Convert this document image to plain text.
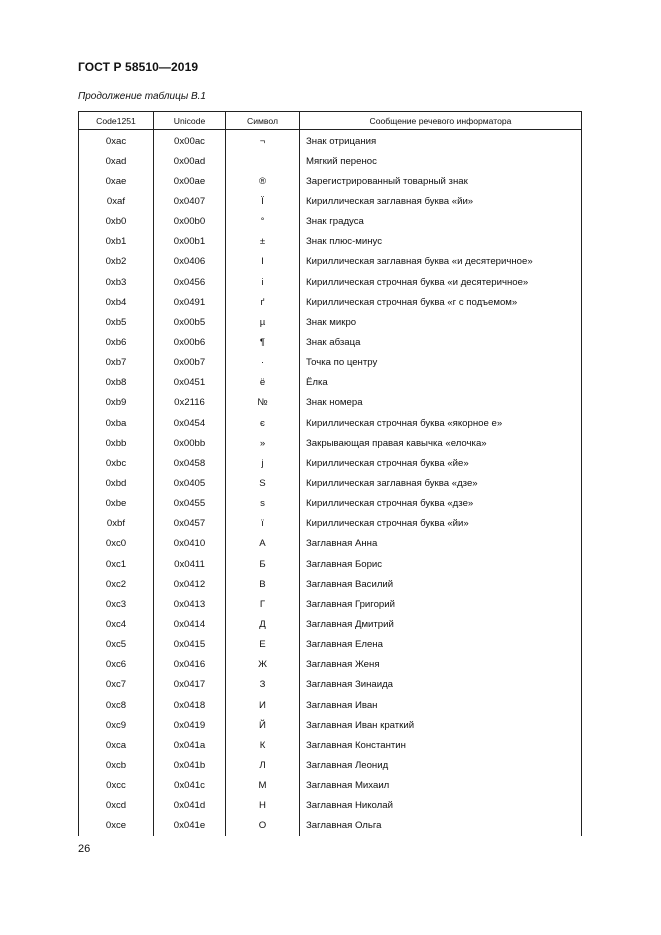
ГОСТ Р 58510—2019
Продолжение таблицы В.1
Code1251	Unicode	Символ	Сообщение речевого информатора
0xac	0x00ac	¬	Знак отрицания
0xad	0x00ad		Мягкий перенос
0xae	0x00ae	®	Зарегистрированный товарный знак
0xaf	0x0407	Ї	Кириллическая заглавная буква «йи»
0xb0	0x00b0	°	Знак градуса
0xb1	0x00b1	±	Знак плюс-минус
0xb2	0x0406	І	Кириллическая заглавная буква «и десятеричное»
0xb3	0x0456	і	Кириллическая строчная буква «и десятеричное»
0xb4	0x0491	ґ	Кириллическая строчная буква «г с подъемом»
0xb5	0x00b5	µ	Знак микро
0xb6	0x00b6	¶	Знак абзаца
0xb7	0x00b7	·	Точка по центру
0xb8	0x0451	ё	Ёлка
0xb9	0x2116	№	Знак номера
0xba	0x0454	є	Кириллическая строчная буква «якорное е»
0xbb	0x00bb	»	Закрывающая правая кавычка «елочка»
0xbc	0x0458	j	Кириллическая строчная буква «йе»
0xbd	0x0405	S	Кириллическая заглавная буква «дзе»
0xbe	0x0455	s	Кириллическая строчная буква «дзе»
0xbf	0x0457	ї	Кириллическая строчная буква «йи»
0xc0	0x0410	А	Заглавная Анна
0xc1	0x0411	Б	Заглавная Борис
0xc2	0x0412	В	Заглавная Василий
0xc3	0x0413	Г	Заглавная Григорий
0xc4	0x0414	Д	Заглавная Дмитрий
0xc5	0x0415	Е	Заглавная Елена
0xc6	0x0416	Ж	Заглавная Женя
0xc7	0x0417	З	Заглавная Зинаида
0xc8	0x0418	И	Заглавная Иван
0xc9	0x0419	Й	Заглавная Иван краткий
0xca	0x041a	К	Заглавная Константин
0xcb	0x041b	Л	Заглавная Леонид
0xcc	0x041c	М	Заглавная Михаил
0xcd	0x041d	Н	Заглавная Николай
0xce	0x041e	О	Заглавная Ольга
26
